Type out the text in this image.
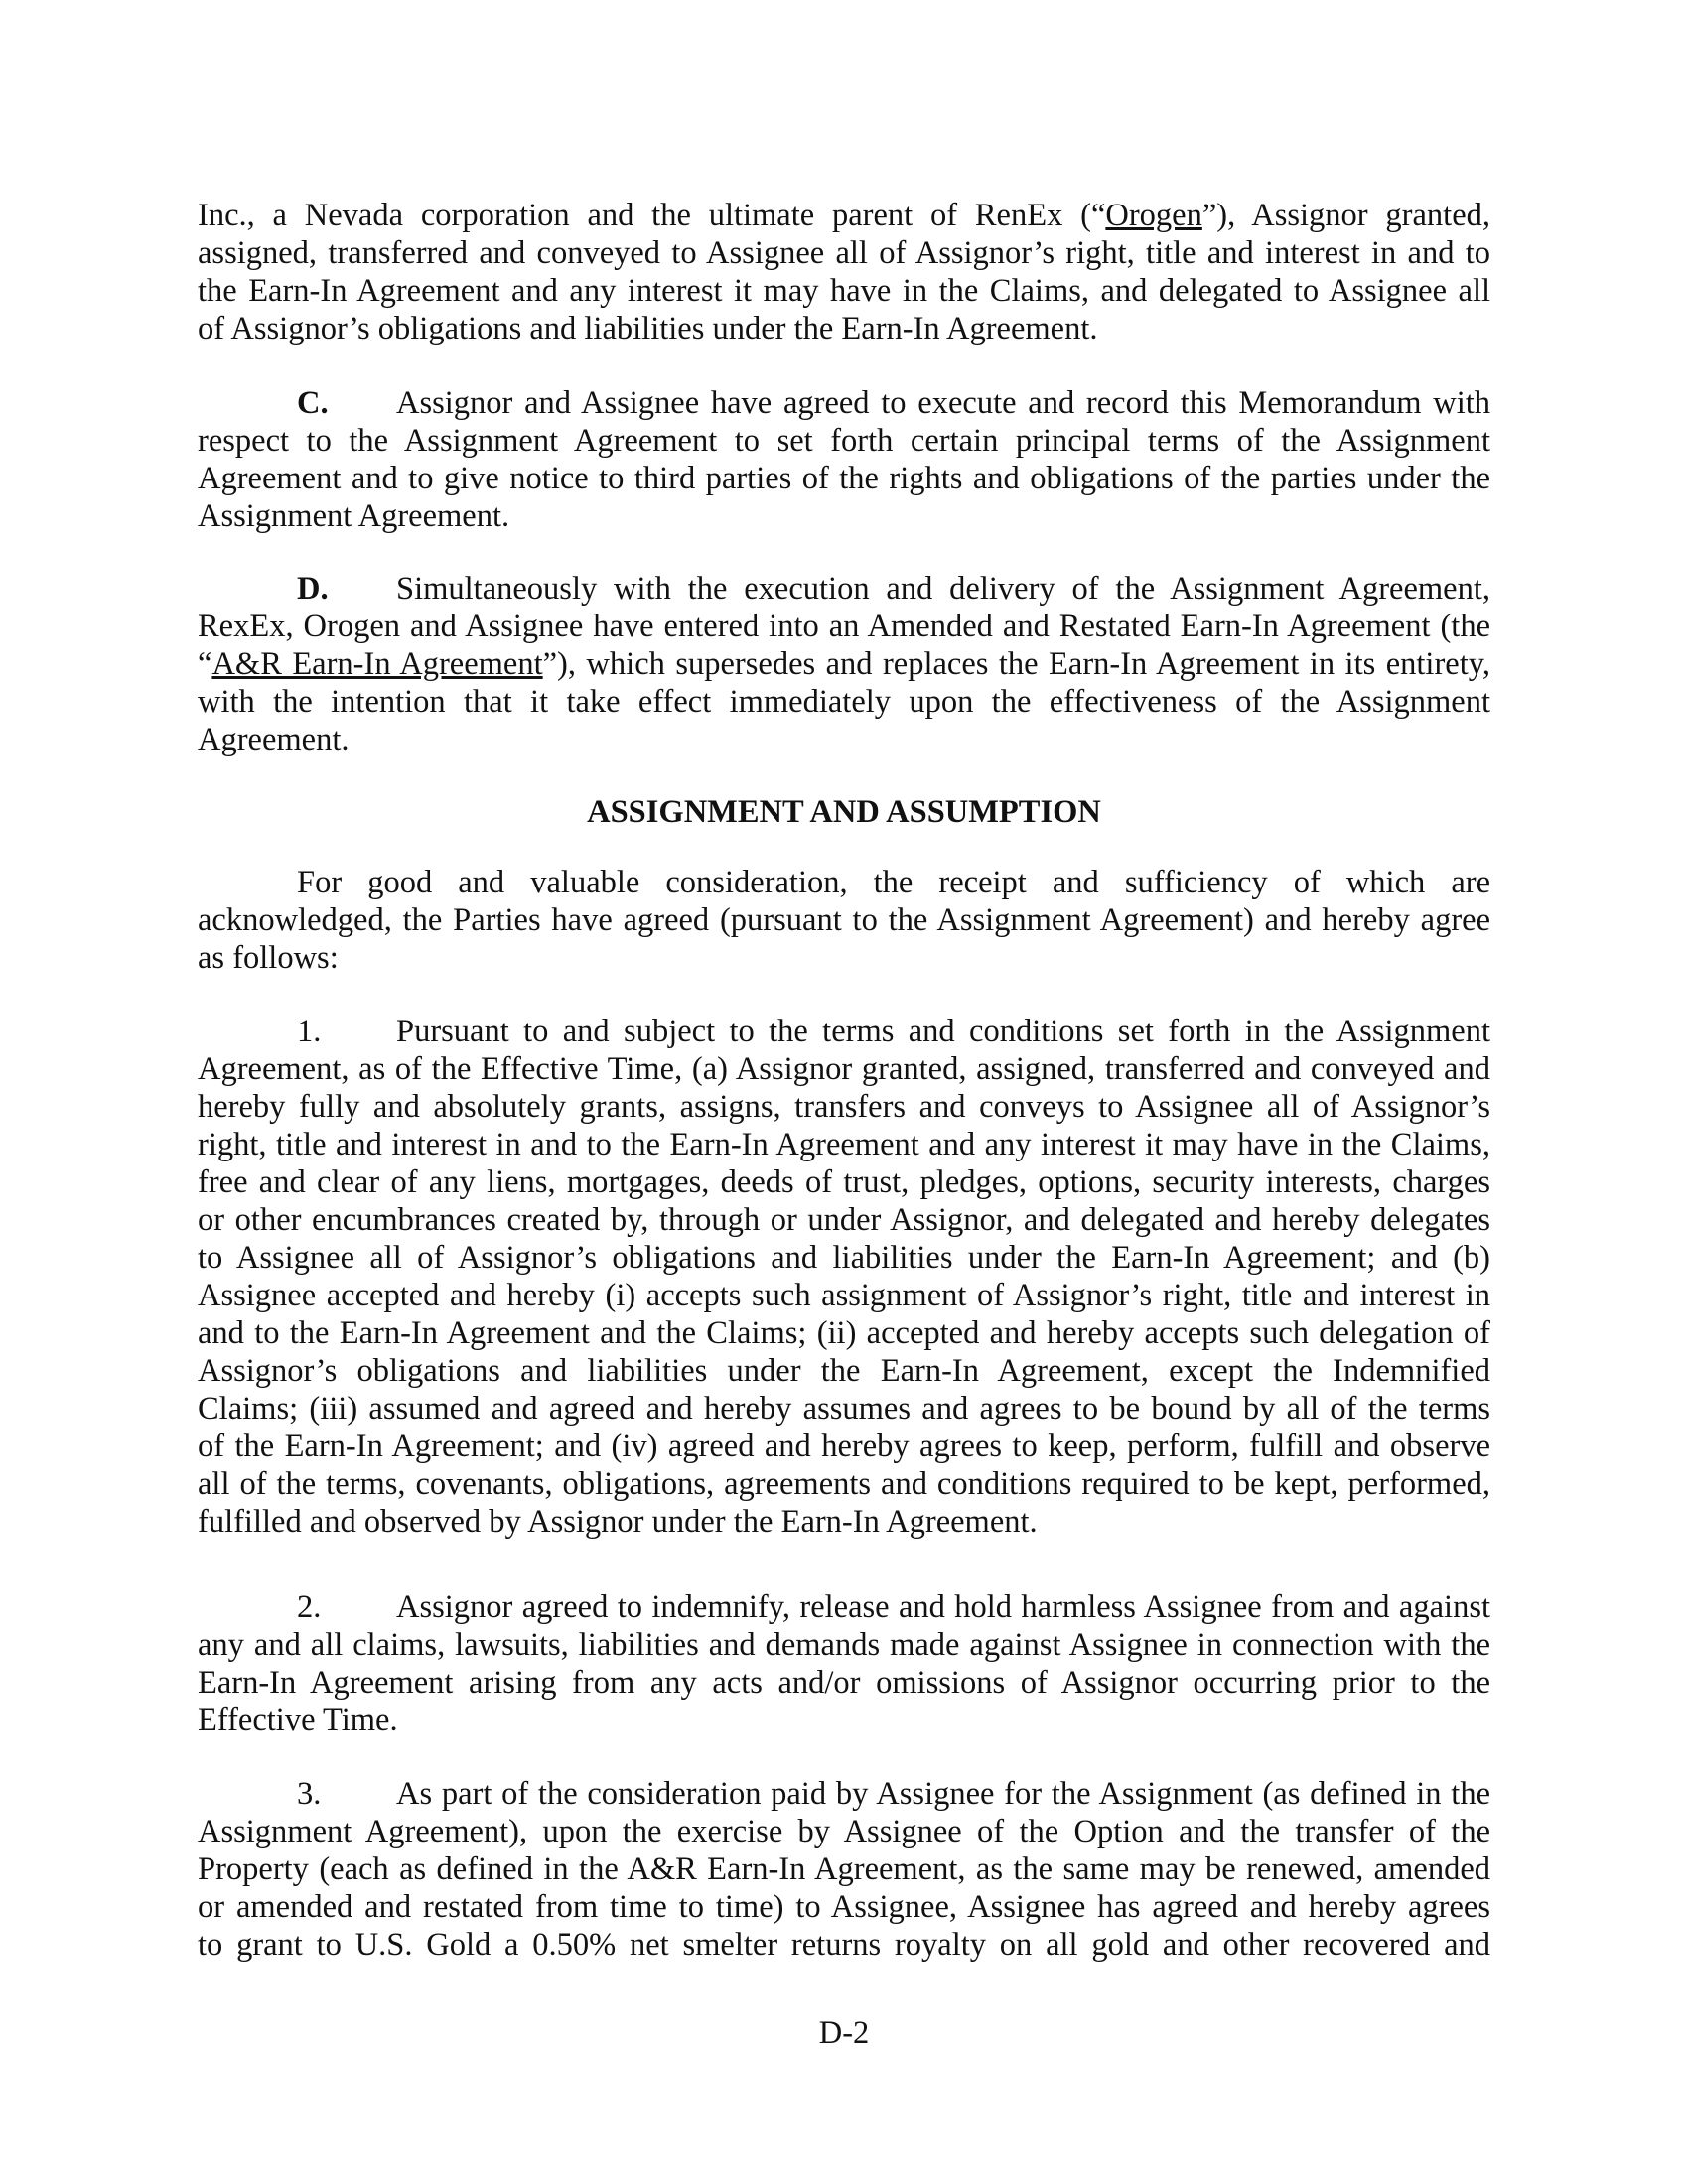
Inc., a Nevada corporation and the ultimate parent of RenEx (“Orogen”), Assignor granted,
assigned, transferred and conveyed to Assignee all of Assignor’s right, title and interest in and to
the Earn-In Agreement and any interest it may have in the Claims, and delegated to Assignee all
of Assignor’s obligations and liabilities under the Earn-In Agreement.
C. Assignor and Assignee have agreed to execute and record this Memorandum with
respect to the Assignment Agreement to set forth certain principal terms of the Assignment
Agreement and to give notice to third parties of the rights and obligations of the parties under the
Assignment Agreement.
D. Simultaneously with the execution and delivery of the Assignment Agreement,
RexEx, Orogen and Assignee have entered into an Amended and Restated Earn-In Agreement (the
“A&R Earn-In Agreement”), which supersedes and replaces the Earn-In Agreement in its entirety,
with the intention that it take effect immediately upon the effectiveness of the Assignment
Agreement.
ASSIGNMENT AND ASSUMPTION
For good and valuable consideration, the receipt and sufficiency of which are
acknowledged, the Parties have agreed (pursuant to the Assignment Agreement) and hereby agree
as follows:
1. Pursuant to and subject to the terms and conditions set forth in the Assignment
Agreement, as of the Effective Time, (a) Assignor granted, assigned, transferred and conveyed and
hereby fully and absolutely grants, assigns, transfers and conveys to Assignee all of Assignor’s
right, title and interest in and to the Earn-In Agreement and any interest it may have in the Claims,
free and clear of any liens, mortgages, deeds of trust, pledges, options, security interests, charges
or other encumbrances created by, through or under Assignor, and delegated and hereby delegates
to Assignee all of Assignor’s obligations and liabilities under the Earn-In Agreement; and (b)
Assignee accepted and hereby (i) accepts such assignment of Assignor’s right, title and interest in
and to the Earn-In Agreement and the Claims; (ii) accepted and hereby accepts such delegation of
Assignor’s obligations and liabilities under the Earn-In Agreement, except the Indemnified
Claims; (iii) assumed and agreed and hereby assumes and agrees to be bound by all of the terms
of the Earn-In Agreement; and (iv) agreed and hereby agrees to keep, perform, fulfill and observe
all of the terms, covenants, obligations, agreements and conditions required to be kept, performed,
fulfilled and observed by Assignor under the Earn-In Agreement.
2. Assignor agreed to indemnify, release and hold harmless Assignee from and against
any and all claims, lawsuits, liabilities and demands made against Assignee in connection with the
Earn-In Agreement arising from any acts and/or omissions of Assignor occurring prior to the
Effective Time.
3. As part of the consideration paid by Assignee for the Assignment (as defined in the
Assignment Agreement), upon the exercise by Assignee of the Option and the transfer of the
Property (each as defined in the A&R Earn-In Agreement, as the same may be renewed, amended
or amended and restated from time to time) to Assignee, Assignee has agreed and hereby agrees
to grant to U.S. Gold a 0.50% net smelter returns royalty on all gold and other recovered and
D-2
